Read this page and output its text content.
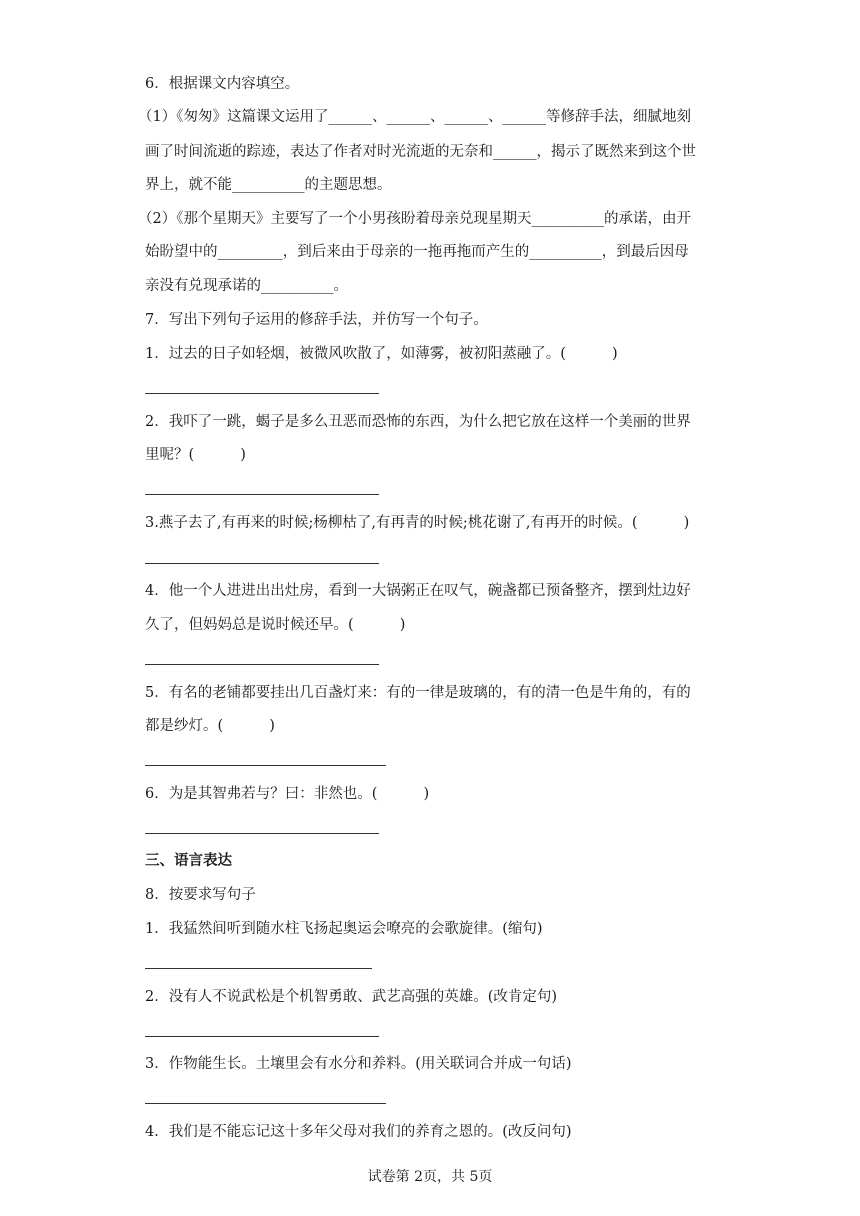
6．根据课文内容填空。
（1）《匆匆》这篇课文运用了______、______、______、______等修辞手法，细腻地刻
画了时间流逝的踪迹，表达了作者对时光流逝的无奈和______，揭示了既然来到这个世
界上，就不能__________的主题思想。
（2）《那个星期天》主要写了一个小男孩盼着母亲兑现星期天__________的承诺，由开
始盼望中的_________，到后来由于母亲的一拖再拖而产生的__________，到最后因母
亲没有兑现承诺的__________。
7．写出下列句子运用的修辞手法，并仿写一个句子。
1．过去的日子如轻烟，被微风吹散了，如薄雾，被初阳蒸融了。(          )
2．我吓了一跳，蝎子是多么丑恶而恐怖的东西，为什么把它放在这样一个美丽的世界
里呢？(          )
3.燕子去了,有再来的时候;杨柳枯了,有再青的时候;桃花谢了,有再开的时候。(          )
4．他一个人进进出出灶房，看到一大锅粥正在叹气，碗盏都已预备整齐，摆到灶边好
久了，但妈妈总是说时候还早。(          )
5．有名的老铺都要挂出几百盏灯来：有的一律是玻璃的，有的清一色是牛角的，有的
都是纱灯。(          )
6．为是其智弗若与？曰：非然也。(          )
三、语言表达
8．按要求写句子
1．我猛然间听到随水柱飞扬起奥运会嘹亮的会歌旋律。(缩句)
2．没有人不说武松是个机智勇敢、武艺高强的英雄。(改肯定句)
3．作物能生长。土壤里会有水分和养料。(用关联词合并成一句话)
4．我们是不能忘记这十多年父母对我们的养育之恩的。(改反问句)
试卷第 2页，共 5页
